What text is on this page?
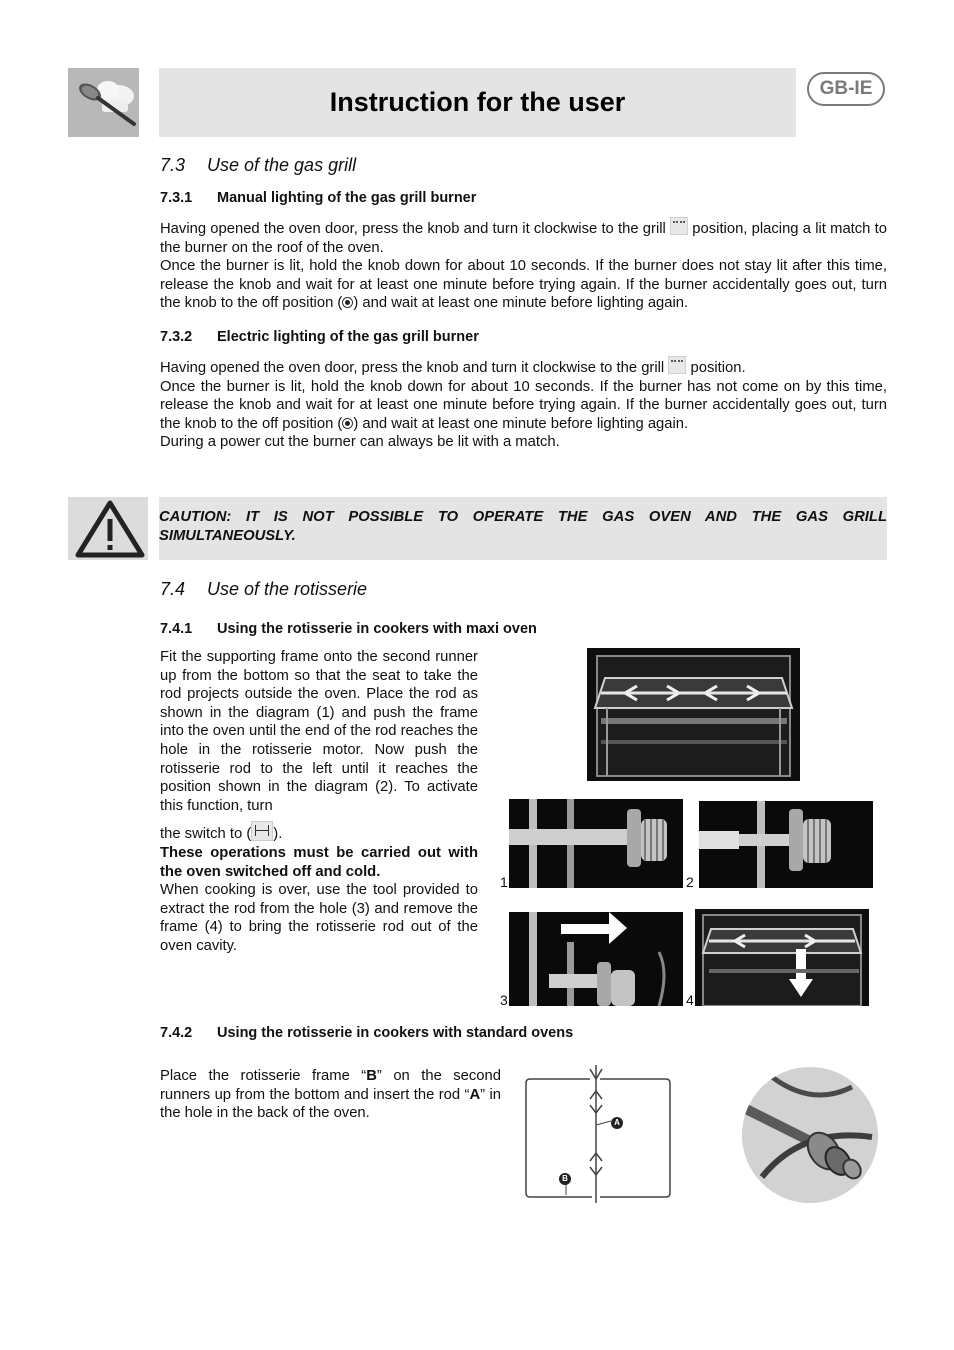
Instruction for the user	GB-IE
7.3 Use of the gas grill
7.3.1 Manual lighting of the gas grill burner

Having opened the oven door, press the knob and turn it clockwise to the grill position, placing a lit match to the burner on the roof of the oven.

Once the burner is lit, hold the knob down for about 10 seconds. If the burner does not stay lit after this time, release the knob and wait for at least one minute before trying again. If the burner accidentally goes out, turn the knob to the off position ( ) and wait at least one minute before lighting again.

7.3.2 Electric lighting of the gas grill burner

Having opened the oven door, press the knob and turn it clockwise to the grill position.

Once the burner is lit, hold the knob down for about 10 seconds. If the burner has not come on by this time, release the knob and wait for at least one minute before trying again. If the burner accidentally goes out, turn the knob to the off position ( ) and wait at least one minute before lighting again.

During a power cut the burner can always be lit with a match.

CAUTION: IT IS NOT POSSIBLE TO OPERATE THE GAS OVEN AND THE GAS GRILL SIMULTANEOUSLY.
7.4 Use of the rotisserie
7.4.1 Using the rotisserie in cookers with maxi oven

Fit the supporting frame onto the second runner up from the bottom so that the seat to take the rod projects outside the oven. Place the rod as shown in the diagram (1) and push the frame into the oven until the end of the rod reaches the hole in the rotisserie motor. Now push the rotisserie rod to the left until it reaches the position shown in the diagram (2). To activate this function, turn

the switch to ( ).

These operations must be carried out with the oven switched off and cold.

When cooking is over, use the tool provided to extract the rod from the hole (3) and remove the frame (4) to bring the rotisserie rod out of the oven cavity.

1	2
3	4
7.4.2 Using the rotisserie in cookers with standard ovens

Place the rotisserie frame “B” on the second runners up from the bottom and insert the rod “A” in the hole in the back of the oven.

A
B
